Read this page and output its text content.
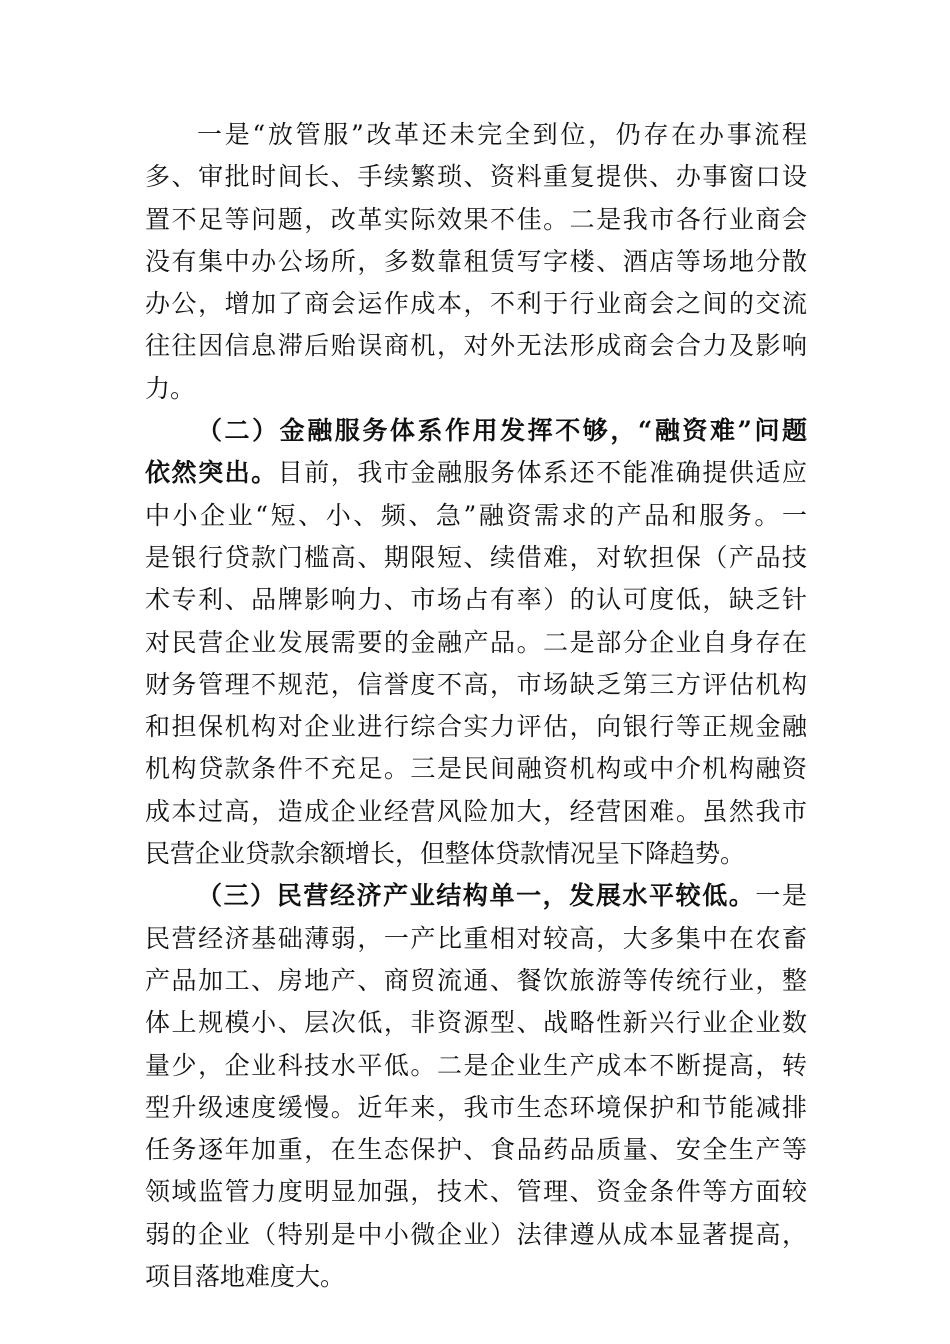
一是“放管服”改革还未完全到位，仍存在办事流程
多、审批时间长、手续繁琐、资料重复提供、办事窗口设
置不足等问题，改革实际效果不佳。二是我市各行业商会
没有集中办公场所，多数靠租赁写字楼、酒店等场地分散
办公，增加了商会运作成本，不利于行业商会之间的交流
往往因信息滞后贻误商机，对外无法形成商会合力及影响
力。
（二）金融服务体系作用发挥不够，“融资难”问题
依然突出。目前，我市金融服务体系还不能准确提供适应
中小企业“短、小、频、急”融资需求的产品和服务。一
是银行贷款门槛高、期限短、续借难，对软担保（产品技
术专利、品牌影响力、市场占有率）的认可度低，缺乏针
对民营企业发展需要的金融产品。二是部分企业自身存在
财务管理不规范，信誉度不高，市场缺乏第三方评估机构
和担保机构对企业进行综合实力评估，向银行等正规金融
机构贷款条件不充足。三是民间融资机构或中介机构融资
成本过高，造成企业经营风险加大，经营困难。虽然我市
民营企业贷款余额增长，但整体贷款情况呈下降趋势。
（三）民营经济产业结构单一，发展水平较低。一是
民营经济基础薄弱，一产比重相对较高，大多集中在农畜
产品加工、房地产、商贸流通、餐饮旅游等传统行业，整
体上规模小、层次低，非资源型、战略性新兴行业企业数
量少，企业科技水平低。二是企业生产成本不断提高，转
型升级速度缓慢。近年来，我市生态环境保护和节能减排
任务逐年加重，在生态保护、食品药品质量、安全生产等
领域监管力度明显加强，技术、管理、资金条件等方面较
弱的企业（特别是中小微企业）法律遵从成本显著提高，
项目落地难度大。
